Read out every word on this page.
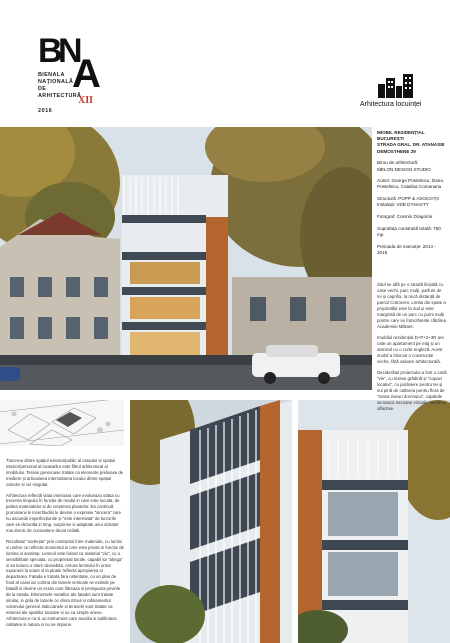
B
N
A
BIENALA
NAȚIONALĂ
DE
ARHITECTURĂ
XII
2016
Arhitectura locuinței

IMOBIL REZIDENȚIAL
BUCUREȘTI
STRADA GRAL. DR. ATANASIE
DEMOSTHENE 29

Birou de arhitectură:
MELON DESIGN STUDIO

Autori: George Postelnicu, Dana
Postelnicu, Catalina Comanariu

Structură: POPP & ASOCIAȚII
Instalații: VDB DYNASTY

Fotograf: Cosmin Dragomir

Suprafața construită totală: 750 mp

Perioada de execuție: 2014 - 2015

Situl se află pe o stradă liniștită cu case vechi, parc mulți, parfum de tei și caprifoi, la mică distanță de parcul Cotroceni. Limita din spate a proprietății este la sud și este marginită de un parc cu pomi mulți printre care se întrezăreste clădirea Academiei Militare.

Imobilul rezidențial D+P+2+3R are cate un apartament pe etaj și un demisol cu o curte engleză. Acest imobil a înlocuit o construcție veche, fără valoare arhitecturală.

Deciderătul proiectului a fost o casă "vie", cu terase grădină și "copaci locativi", cu jardiniere pentru tei și sui pină de caltarea pentru flora de "mana riseuri domnului", capabile sa nasca sezoane vizuale, tactile și olfactive.

Tracerea dintre spațiul exterior/public al orașului și spațiul interior/personal al locatarilor este filtrul arhitectural al imobilului. Terase generoase tratate ca elemente prelioase de mediere și articularea interioritarea locului dintre spațiul colectiv și cel singular.

Arhitectura reflectă viata interioara care evolueaza odata cu trecerea timpului în funcție de modul in care este locuita, de palma materialelor și de creșterea plantelor. Ea continuă promisiunii le incertitudini le devine o expresie "sincera" care nu ascunde imperfecțiunile și "este interesata" de lucrurile care se dezvolta in timp, surprinse si adaptate unui vizitator mai dornic de cunoastere decat ceilalti.

Rezultatul "vorbește" prin contrastul între materiale, cu lumini si umbre ce reflecta momentul in care este privita in funcție de lumina si anotimp. Lemnul este folosit ca material "viu", cu o sensibilitate speciala, cu proprietati tactile, capabil sa "atinga" si sa induca o stare deosebita. Arsura lemnului în urma expunerii la soare si la ploaie reflecta apropierea si departarea. Fatada e tratata fara ostentatie, cu un plan de fond al casei iar cortina din lamele verticale se extinde pe fatadă si devine un ecran care filtreaza si protejeaza privirile de la strada. Elementele metalice ale fatadei sunt tratate similar, in grila de lamele ce ofera ritmul si rafinamentul volumului general. Balcoanele si terasele sunt tratate ca extensii ale spatiilor locative si nu ca simple anexe. Arhitectura e ca si un instrument care asculta si subliniaza calitatea si natura si nu se impune.
